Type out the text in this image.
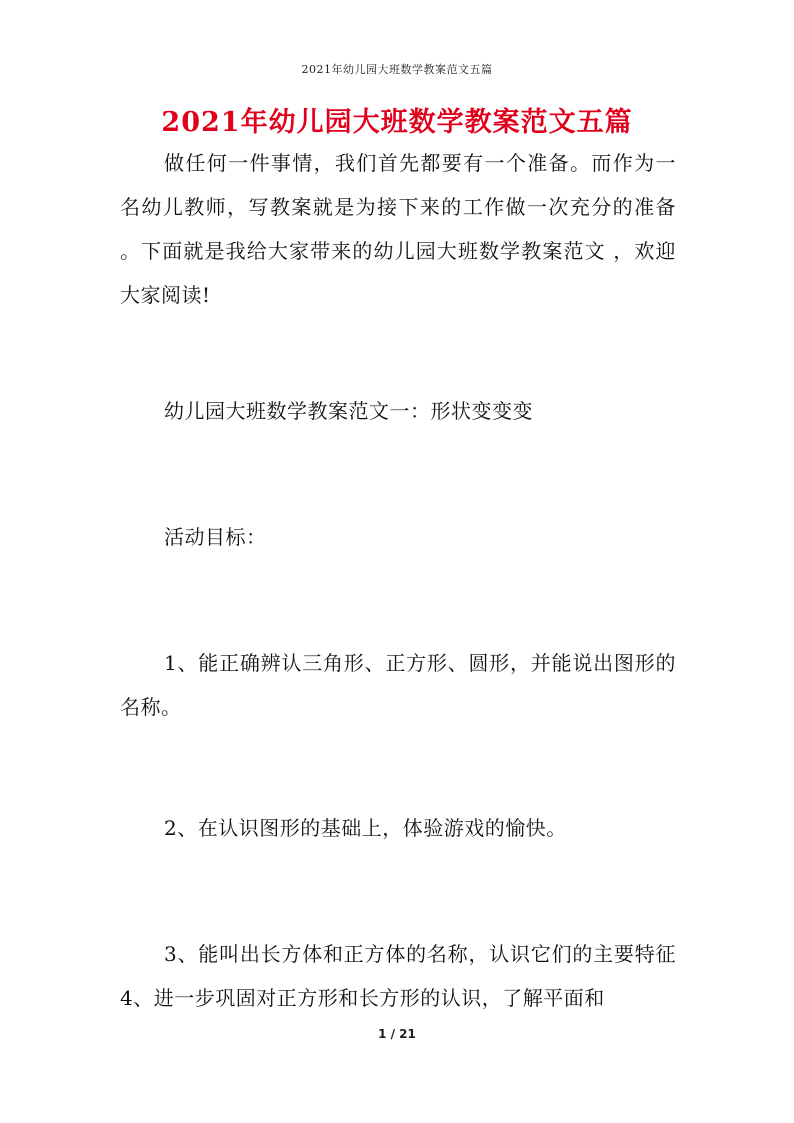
2021年幼儿园大班数学教案范文五篇
2021年幼儿园大班数学教案范文五篇
做任何一件事情，我们首先都要有一个准备。而作为一名幼儿教师，写教案就是为接下来的工作做一次充分的准备 。下面就是我给大家带来的幼儿园大班数学教案范文 ，欢迎大家阅读!
幼儿园大班数学教案范文一：形状变变变
活动目标：
1、能正确辨认三角形、正方形、圆形，并能说出图形的名称。
2、在认识图形的基础上，体验游戏的愉快。
3、能叫出长方体和正方体的名称，认识它们的主要特征 4、进一步巩固对正方形和长方形的认识，了解平面和
1 / 21
